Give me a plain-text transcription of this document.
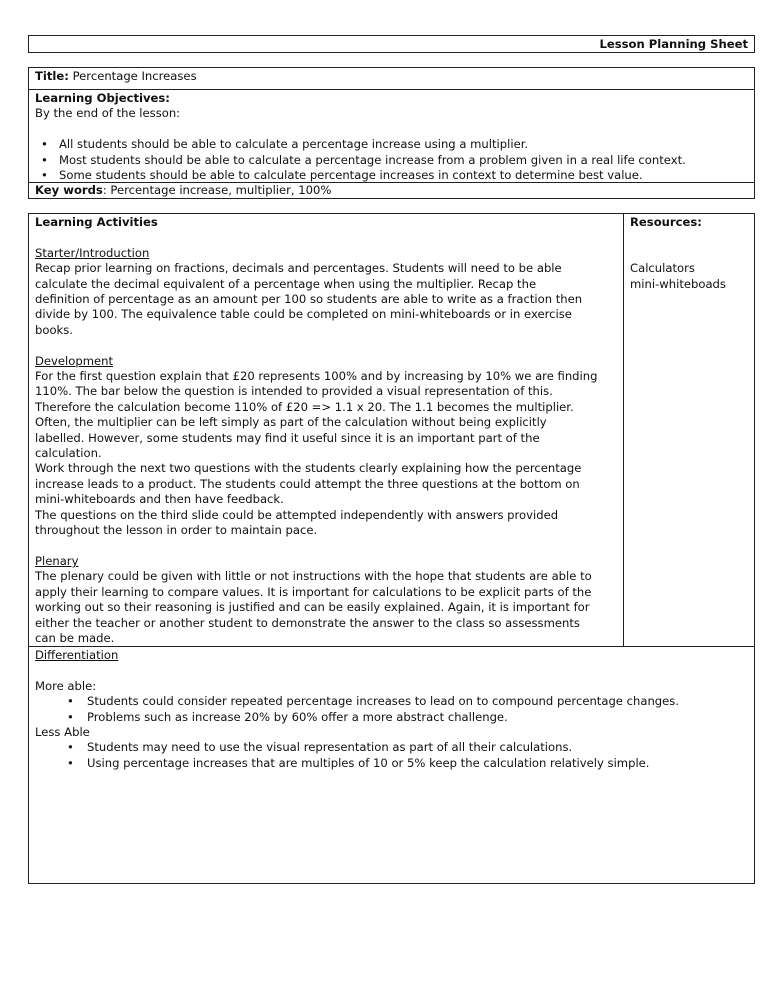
Lesson Planning Sheet
Title: Percentage Increases

Learning Objectives:

By the end of the lesson:

• All students should be able to calculate a percentage increase using a multiplier.

• Most students should be able to calculate a percentage increase from a problem given in a real life context.

• Some students should be able to calculate percentage increases in context to determine best value.

Key words: Percentage increase, multiplier, 100%

Learning Activities

Starter/Introduction

Recap prior learning on fractions, decimals and percentages. Students will need to be able

calculate the decimal equivalent of a percentage when using the multiplier. Recap the

definition of percentage as an amount per 100 so students are able to write as a fraction then

divide by 100. The equivalence table could be completed on mini-whiteboards or in exercise

books.

Development

For the first question explain that £20 represents 100% and by increasing by 10% we are finding

110%. The bar below the question is intended to provided a visual representation of this.

Therefore the calculation become 110% of £20 => 1.1 x 20. The 1.1 becomes the multiplier.

Often, the multiplier can be left simply as part of the calculation without being explicitly

labelled. However, some students may find it useful since it is an important part of the

calculation.

Work through the next two questions with the students clearly explaining how the percentage

increase leads to a product. The students could attempt the three questions at the bottom on

mini-whiteboards and then have feedback.

The questions on the third slide could be attempted independently with answers provided

throughout the lesson in order to maintain pace.

Plenary

The plenary could be given with little or not instructions with the hope that students are able to

apply their learning to compare values. It is important for calculations to be explicit parts of the

working out so their reasoning is justified and can be easily explained. Again, it is important for

either the teacher or another student to demonstrate the answer to the class so assessments

can be made.

Resources:

Calculators

mini-whiteboads

Differentiation

More able:

• Students could consider repeated percentage increases to lead on to compound percentage changes.

• Problems such as increase 20% by 60% offer a more abstract challenge.

Less Able

• Students may need to use the visual representation as part of all their calculations.

• Using percentage increases that are multiples of 10 or 5% keep the calculation relatively simple.
